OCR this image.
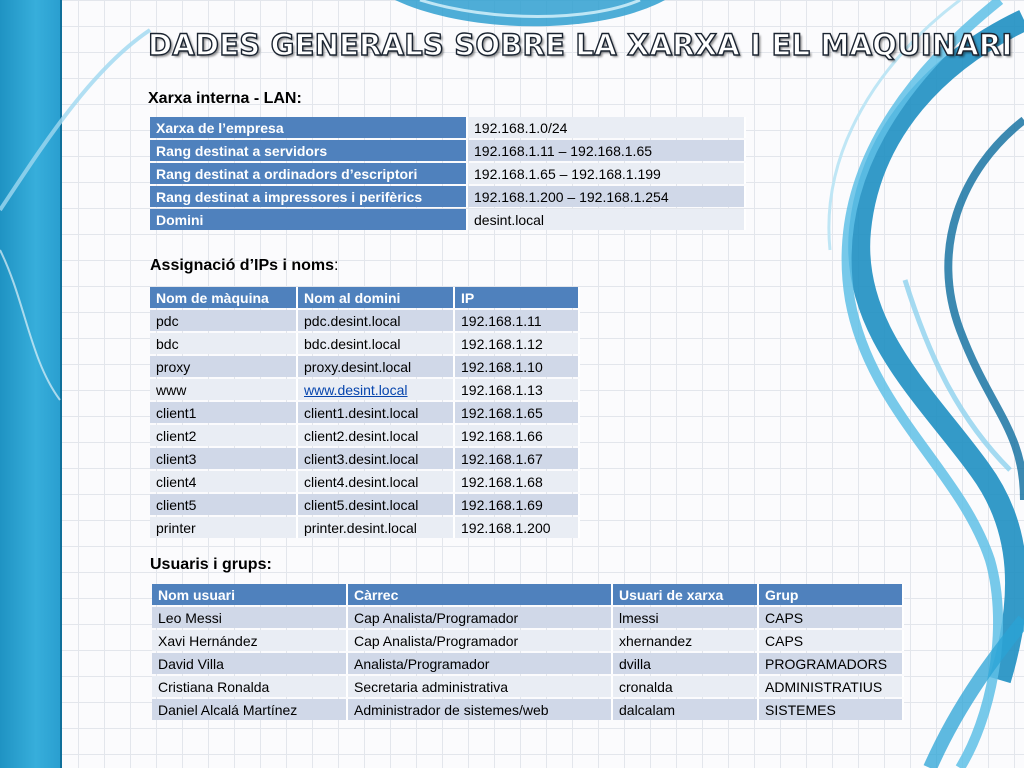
DADES GENERALS SOBRE LA XARXA I EL MAQUINARI
Xarxa interna - LAN:
Xarxa de l’empresa	192.168.1.0/24
Rang destinat a servidors	192.168.1.11 – 192.168.1.65
Rang destinat a ordinadors d’escriptori	192.168.1.65 – 192.168.1.199
Rang destinat a impressores i perifèrics	192.168.1.200 – 192.168.1.254
Domini	desint.local
Assignació d’IPs i noms:
Nom de màquina	Nom al domini	IP
pdc	pdc.desint.local	192.168.1.11
bdc	bdc.desint.local	192.168.1.12
proxy	proxy.desint.local	192.168.1.10
www	www.desint.local	192.168.1.13
client1	client1.desint.local	192.168.1.65
client2	client2.desint.local	192.168.1.66
client3	client3.desint.local	192.168.1.67
client4	client4.desint.local	192.168.1.68
client5	client5.desint.local	192.168.1.69
printer	printer.desint.local	192.168.1.200
Usuaris i grups:
Nom usuari	Càrrec	Usuari de xarxa	Grup
Leo Messi	Cap Analista/Programador	lmessi	CAPS
Xavi Hernández	Cap Analista/Programador	xhernandez	CAPS
David Villa	Analista/Programador	dvilla	PROGRAMADORS
Cristiana Ronalda	Secretaria administrativa	cronalda	ADMINISTRATIUS
Daniel Alcalá Martínez	Administrador de sistemes/web	dalcalam	SISTEMES
